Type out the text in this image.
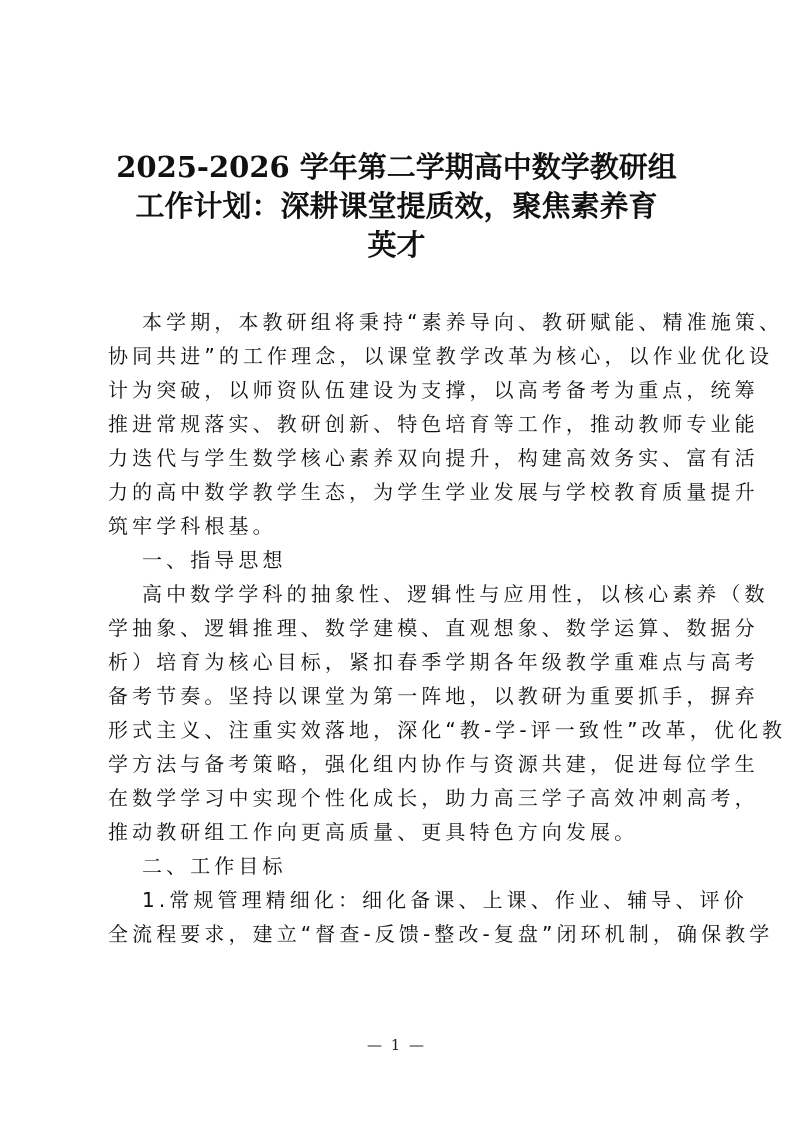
2025-2026 学年第二学期高中数学教研组
工作计划：深耕课堂提质效，聚焦素养育
英才
本学期，本教研组将秉持“素养导向、教研赋能、精准施策、
协同共进”的工作理念，以课堂教学改革为核心，以作业优化设
计为突破，以师资队伍建设为支撑，以高考备考为重点，统筹
推进常规落实、教研创新、特色培育等工作，推动教师专业能
力迭代与学生数学核心素养双向提升，构建高效务实、富有活
力的高中数学教学生态，为学生学业发展与学校教育质量提升
筑牢学科根基。
一、指导思想
高中数学学科的抽象性、逻辑性与应用性，以核心素养（数
学抽象、逻辑推理、数学建模、直观想象、数学运算、数据分
析）培育为核心目标，紧扣春季学期各年级教学重难点与高考
备考节奏。坚持以课堂为第一阵地，以教研为重要抓手，摒弃
形式主义、注重实效落地，深化“教-学-评一致性”改革，优化教
学方法与备考策略，强化组内协作与资源共建，促进每位学生
在数学学习中实现个性化成长，助力高三学子高效冲刺高考，
推动教研组工作向更高质量、更具特色方向发展。
二、工作目标
1.常规管理精细化：细化备课、上课、作业、辅导、评价
全流程要求，建立“督查-反馈-整改-复盘”闭环机制，确保教学
— 1 —
